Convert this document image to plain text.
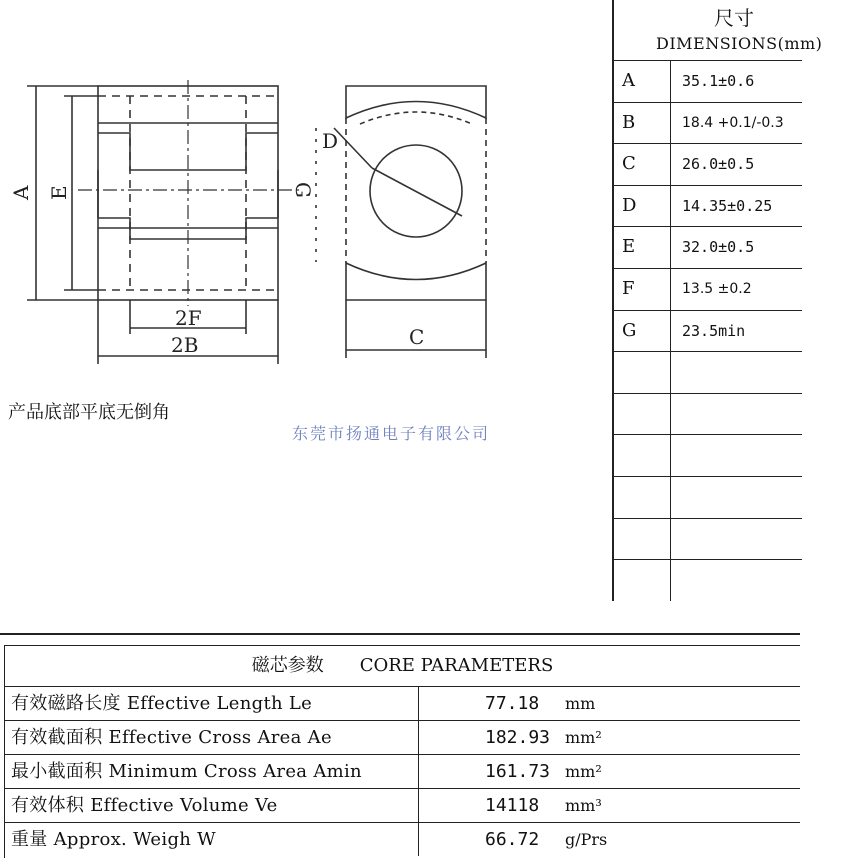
A E	G
D
2F
2B	C
尺寸
DIMENSIONS(mm)
A	35.1±0.6
B	18.4 +0.1/-0.3
C	26.0±0.5
D	14.35±0.25
E	32.0±0.5
F	13.5 ±0.2
G	23.5min
产品底部平底无倒角
东莞市扬通电子有限公司
磁芯参数　　CORE PARAMETERS
有效磁路长度 Effective Length Le	77.18 mm
有效截面积 Effective Cross Area Ae	182.93 mm²
最小截面积 Minimum Cross Area Amin	161.73 mm²
有效体积 Effective Volume Ve	14118 mm³
重量 Approx. Weigh W	66.72 g/Prs
